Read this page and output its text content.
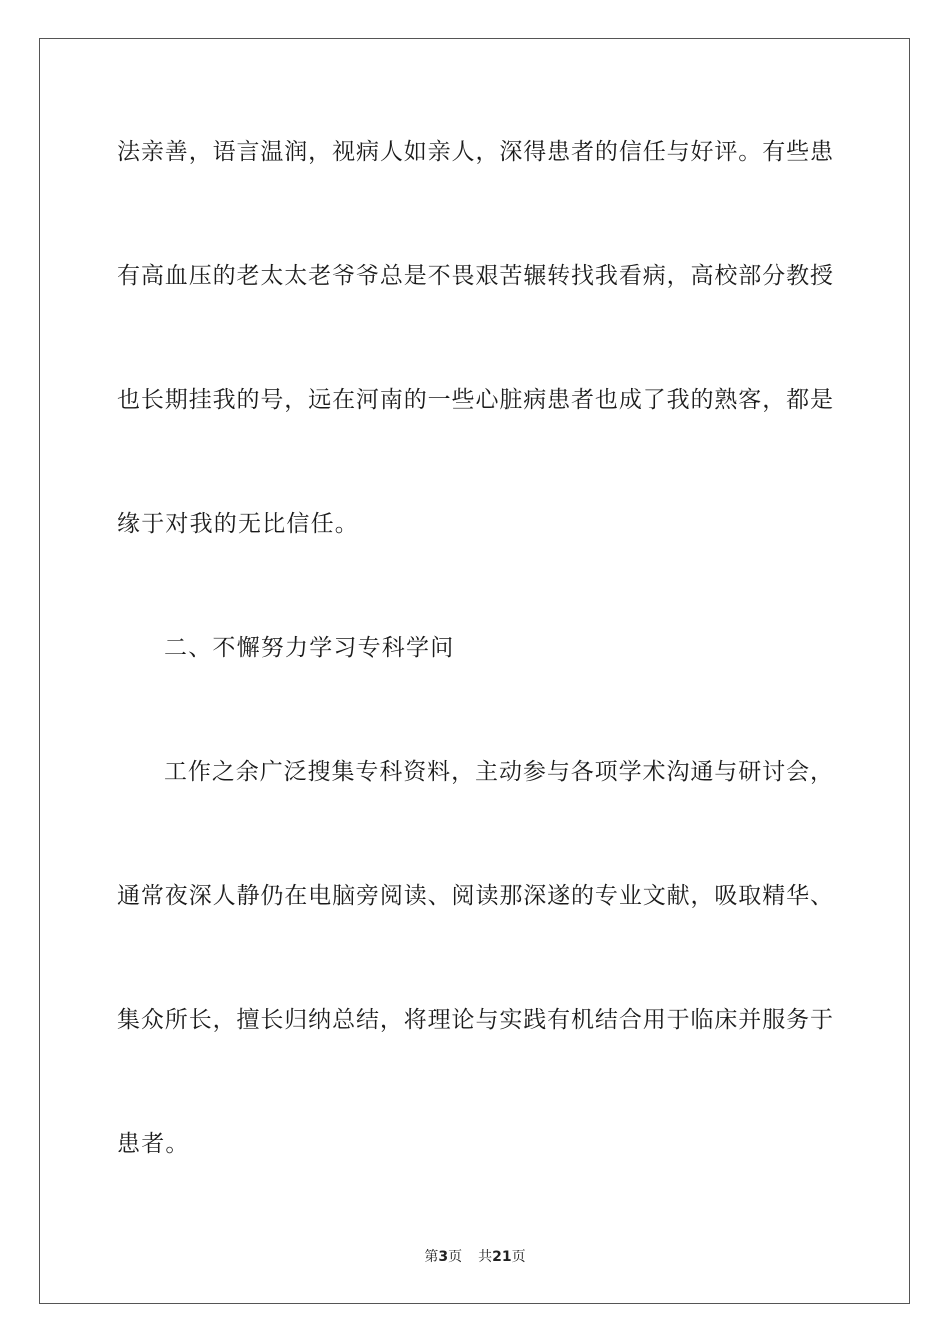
法亲善，语言温润，视病人如亲人，深得患者的信任与好评。有些患
有高血压的老太太老爷爷总是不畏艰苦辗转找我看病，高校部分教授
也长期挂我的号，远在河南的一些心脏病患者也成了我的熟客，都是
缘于对我的无比信任。
二、不懈努力学习专科学问
工作之余广泛搜集专科资料，主动参与各项学术沟通与研讨会，
通常夜深人静仍在电脑旁阅读、阅读那深遂的专业文献，吸取精华、
集众所长，擅长归纳总结，将理论与实践有机结合用于临床并服务于
患者。
第3页 共21页
